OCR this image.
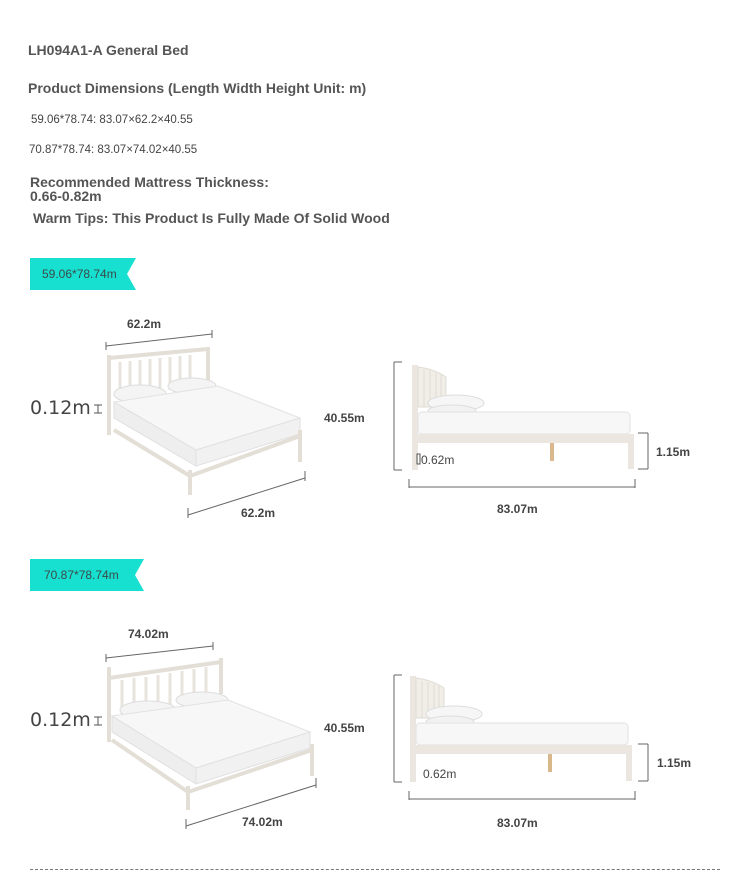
LH094A1-A General Bed
Product Dimensions (Length Width Height Unit: m)
59.06*78.74: 83.07×62.2×40.55
70.87*78.74: 83.07×74.02×40.55
Recommended Mattress Thickness:
0.66-0.82m
Warm Tips: This Product Is Fully Made Of Solid Wood
59.06*78.74m
62.2m
62.2m
0.12m	40.55m
0.62m
1.15m
83.07m
70.87*78.74m
74.02m
74.02m
0.12m	40.55m
0.62m
1.15m
83.07m
